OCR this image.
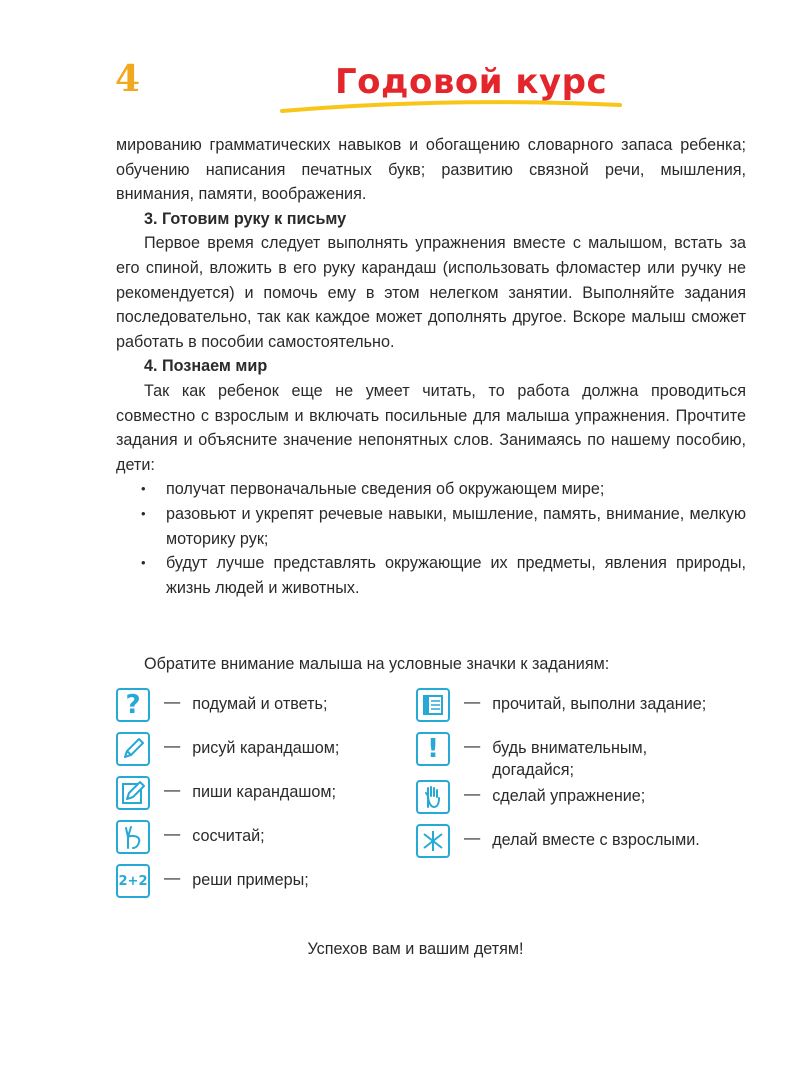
4	Годовой курс

мированию грамматических навыков и обогащению словарного запаса ребенка; обучению написания печатных букв; развитию связной речи, мышления, внимания, памяти, воображения.

3. Готовим руку к письму

Первое время следует выполнять упражнения вместе с малышом, встать за его спиной, вложить в его руку карандаш (использовать фломастер или ручку не рекомендуется) и помочь ему в этом нелегком занятии. Выполняйте задания последовательно, так как каждое может дополнять другое. Вскоре малыш сможет работать в пособии самостоятельно.

4. Познаем мир

Так как ребенок еще не умеет читать, то работа должна проводиться совместно с взрослым и включать посильные для малыша упражнения. Прочтите задания и объясните значение непонятных слов. Занимаясь по нашему пособию, дети:

• получат первоначальные сведения об окружающем мире;
• разовьют и укрепят речевые навыки, мышление, память, внимание, мелкую моторику рук;
• будут лучше представлять окружающие их предметы, явления природы, жизнь людей и животных.
Обратите внимание малыша на условные значки к заданиям:
? — подумай и ответь;
— рисуй карандашом;
— пиши карандашом;
— сосчитай;
2+2 — реши примеры;
— прочитай, выполни задание;
! — будь внимательным, догадайся;
— сделай упражнение;
— делай вместе с взрослыми.
Успехов вам и вашим детям!
